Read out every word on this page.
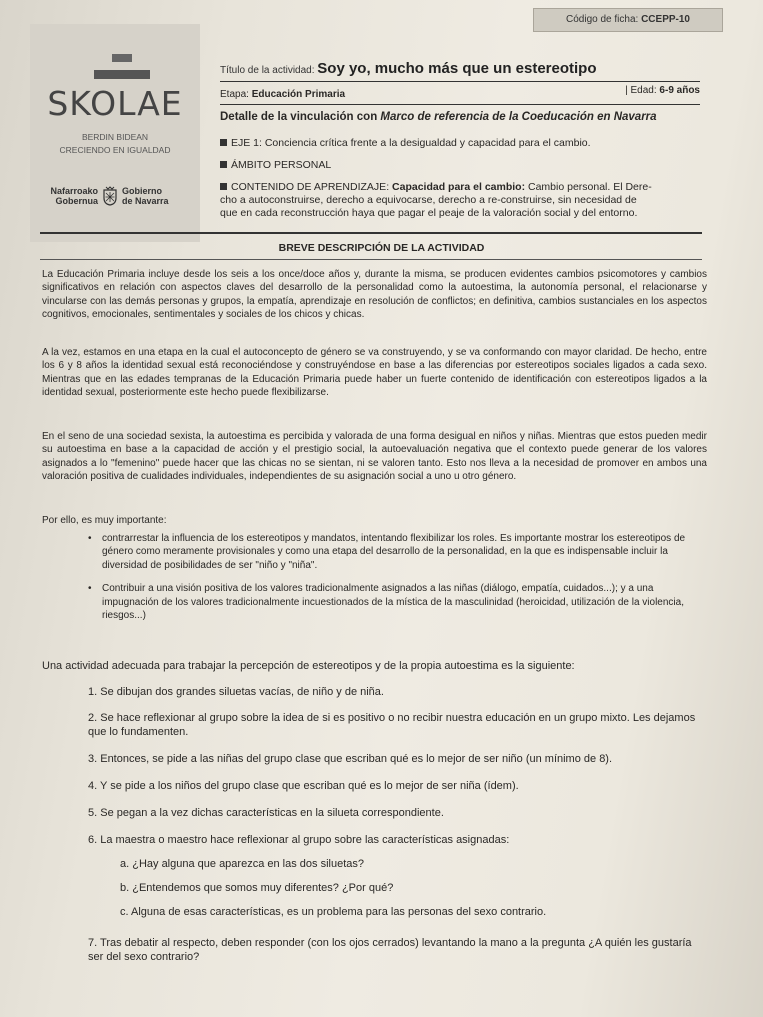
Código de ficha: CCEPP-10
SKOLAE
BERDIN BIDEAN
CRECIENDO EN IGUALDAD
Nafarroako
Gobernua
Gobierno
de Navarra
Título de la actividad: Soy yo, mucho más que un estereotipo
Etapa: Educación Primaria	| Edad: 6-9 años
Detalle de la vinculación con Marco de referencia de la Coeducación en Navarra
EJE 1: Conciencia crítica frente a la desigualdad y capacidad para el cambio.
ÁMBITO PERSONAL
CONTENIDO DE APRENDIZAJE: Capacidad para el cambio: Cambio personal. El Dere-
cho a autoconstruirse, derecho a equivocarse, derecho a re-construirse, sin necesidad de
que en cada reconstrucción haya que pagar el peaje de la valoración social y del entorno.
BREVE DESCRIPCIÓN DE LA ACTIVIDAD
La Educación Primaria incluye desde los seis a los once/doce años y, durante la misma, se producen evidentes cambios psicomotores y cambios significativos en relación con aspectos claves del desarrollo de la personalidad como la autoestima, la autonomía personal, el relacionarse y vincularse con las demás personas y grupos, la empatía, aprendizaje en resolución de conflictos; en definitiva, cambios sustanciales en los aspectos cognitivos, emocionales, sentimentales y sociales de los chicos y chicas.
A la vez, estamos en una etapa en la cual el autoconcepto de género se va construyendo, y se va conformando con mayor claridad. De hecho, entre los 6 y 8 años la identidad sexual está reconociéndose y construyéndose en base a las diferencias por estereotipos sociales ligados a cada sexo. Mientras que en las edades tempranas de la Educación Primaria puede haber un fuerte contenido de identificación con estereotipos ligados a la identidad sexual, posteriormente este hecho puede flexibilizarse.
En el seno de una sociedad sexista, la autoestima es percibida y valorada de una forma desigual en niños y niñas. Mientras que estos pueden medir su autoestima en base a la capacidad de acción y el prestigio social, la autoevaluación negativa que el contexto puede generar de los valores asignados a lo "femenino" puede hacer que las chicas no se sientan, ni se valoren tanto. Esto nos lleva a la necesidad de promover en ambos una valoración positiva de cualidades individuales, independientes de su asignación social a uno u otro género.
Por ello, es muy importante:
• contrarrestar la influencia de los estereotipos y mandatos, intentando flexibilizar los roles. Es importante mostrar los estereotipos de género como meramente provisionales y como una etapa del desarrollo de la personalidad, en la que es indispensable incluir la diversidad de posibilidades de ser "niño y "niña".
• Contribuir a una visión positiva de los valores tradicionalmente asignados a las niñas (diálogo, empatía, cuidados...); y a una impugnación de los valores tradicionalmente incuestionados de la mística de la masculinidad (heroicidad, utilización de la violencia, riesgos...)
Una actividad adecuada para trabajar la percepción de estereotipos y de la propia autoestima es la siguiente:
1. Se dibujan dos grandes siluetas vacías, de niño y de niña.
2. Se hace reflexionar al grupo sobre la idea de si es positivo o no recibir nuestra educación en un grupo mixto. Les dejamos que lo fundamenten.
3. Entonces, se pide a las niñas del grupo clase que escriban qué es lo mejor de ser niño (un mínimo de 8).
4. Y se pide a los niños del grupo clase que escriban qué es lo mejor de ser niña (ídem).
5. Se pegan a la vez dichas características en la silueta correspondiente.
6. La maestra o maestro hace reflexionar al grupo sobre las características asignadas:
a. ¿Hay alguna que aparezca en las dos siluetas?
b. ¿Entendemos que somos muy diferentes? ¿Por qué?
c. Alguna de esas características, es un problema para las personas del sexo contrario.
7. Tras debatir al respecto, deben responder (con los ojos cerrados) levantando la mano a la pregunta ¿A quién les gustaría ser del sexo contrario?
